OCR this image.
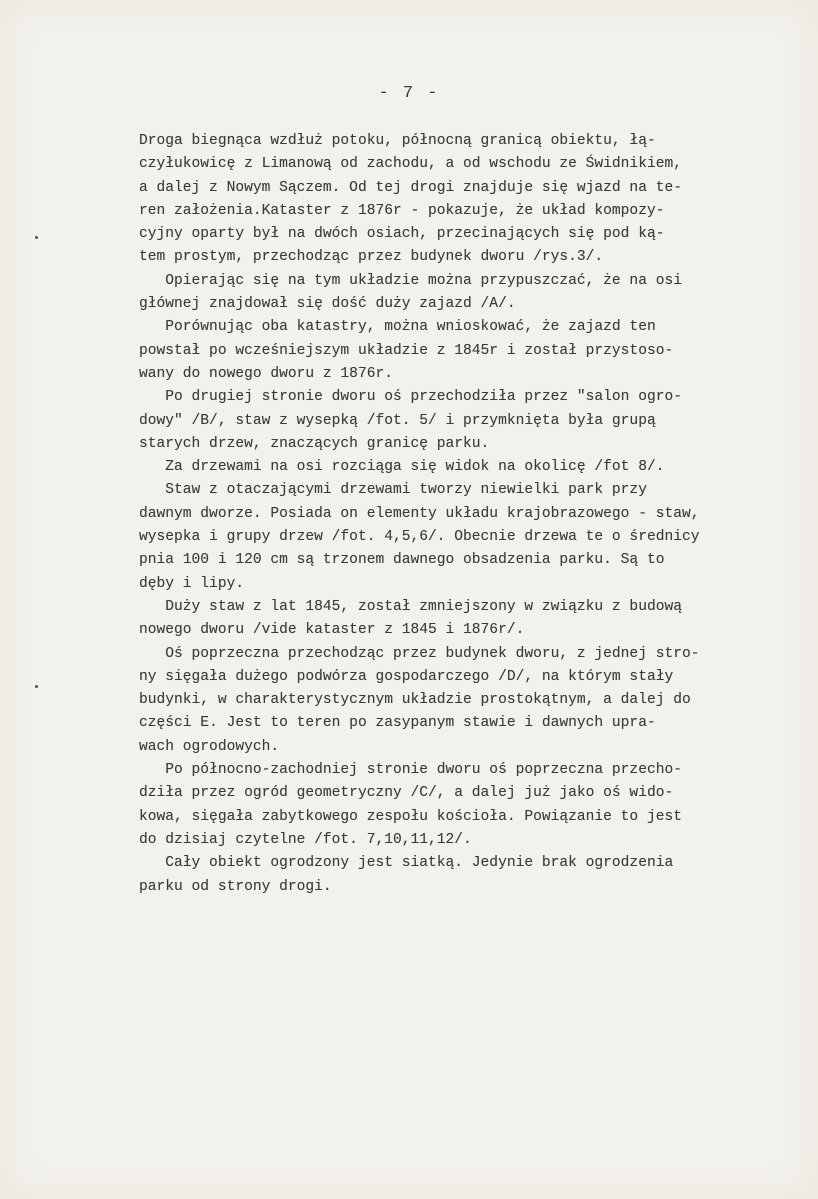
- 7 -
Droga biegnąca wzdłuż potoku, północną granicą obiektu, łą-
czyłukowicę z Limanową od zachodu, a od wschodu ze Świdnikiem,
a dalej z Nowym Sączem. Od tej drogi znajduje się wjazd na te-
ren założenia.Kataster z 1876r - pokazuje, że układ kompozy-
cyjny oparty był na dwóch osiach, przecinających się pod ką-
tem prostym, przechodząc przez budynek dworu /rys.3/.
Opierając się na tym układzie można przypuszczać, że na osi
głównej znajdował się dość duży zajazd /A/.
Porównując oba katastry, można wnioskować, że zajazd ten
powstał po wcześniejszym układzie z 1845r i został przystoso-
wany do nowego dworu z 1876r.
Po drugiej stronie dworu oś przechodziła przez "salon ogro-
dowy" /B/, staw z wysepką /fot. 5/ i przymknięta była grupą
starych drzew, znaczących granicę parku.
Za drzewami na osi rozciąga się widok na okolicę /fot 8/.
Staw z otaczającymi drzewami tworzy niewielki park przy
dawnym dworze. Posiada on elementy układu krajobrazowego - staw,
wysepka i grupy drzew /fot. 4,5,6/. Obecnie drzewa te o średnicy
pnia 100 i 120 cm są trzonem dawnego obsadzenia parku. Są to
dęby i lipy.
Duży staw z lat 1845, został zmniejszony w związku z budową
nowego dworu /vide kataster z 1845 i 1876r/.
Oś poprzeczna przechodząc przez budynek dworu, z jednej stro-
ny sięgała dużego podwórza gospodarczego /D/, na którym stały
budynki, w charakterystycznym układzie prostokątnym, a dalej do
części E. Jest to teren po zasypanym stawie i dawnych upra-
wach ogrodowych.
Po północno-zachodniej stronie dworu oś poprzeczna przecho-
dziła przez ogród geometryczny /C/, a dalej już jako oś wido-
kowa, sięgała zabytkowego zespołu kościoła. Powiązanie to jest
do dzisiaj czytelne /fot. 7,10,11,12/.
Cały obiekt ogrodzony jest siatką. Jedynie brak ogrodzenia
parku od strony drogi.
